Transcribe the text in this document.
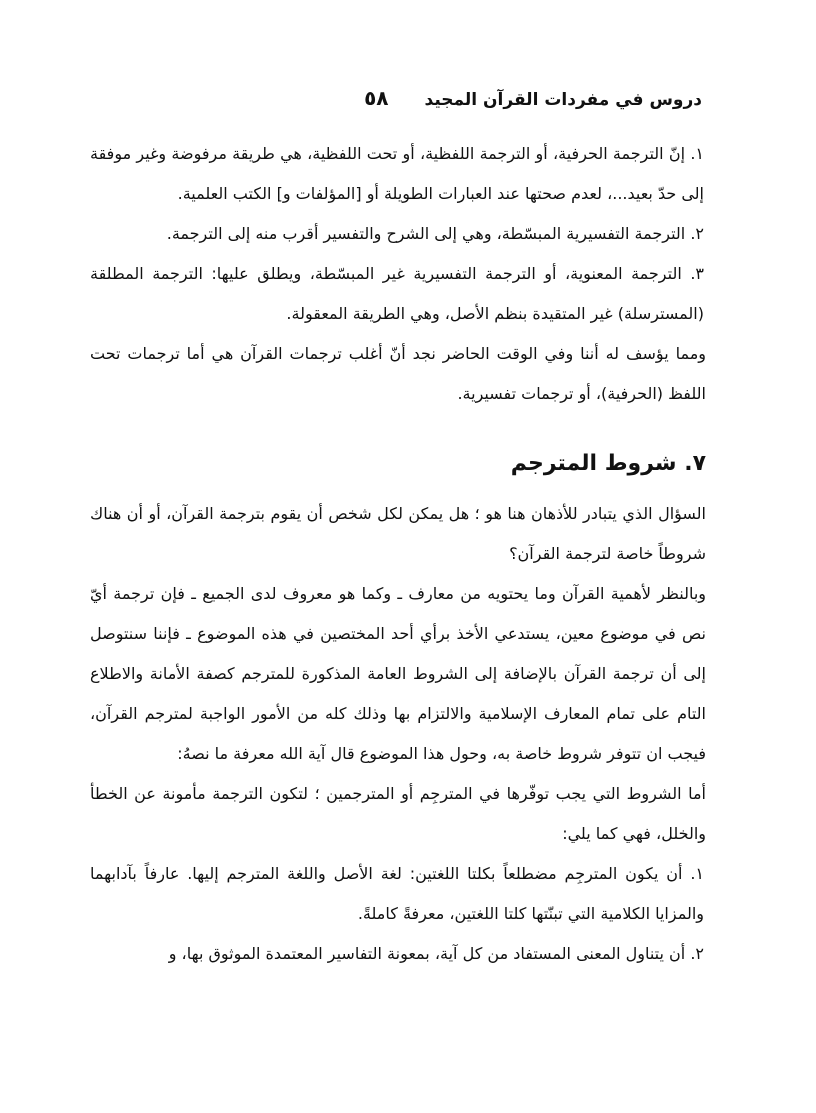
دروس في مفردات القرآن المجيد
٥٨

١. إنّ الترجمة الحرفية، أو الترجمة اللفظية، أو تحت اللفظية، هي طريقة مرفوضة وغير موفقة إلى حدّ بعيد...، لعدم صحتها عند العبارات الطويلة أو [المؤلفات و] الكتب العلمية.

٢. الترجمة التفسيرية المبسّطة، وهي إلى الشرح والتفسير أقرب منه إلى الترجمة.

٣. الترجمة المعنوية، أو الترجمة التفسيرية غير المبسّطة، ويطلق عليها: الترجمة المطلقة (المسترسلة) غير المتقيدة بنظم الأصل، وهي الطريقة المعقولة.

ومما يؤسف له أننا وفي الوقت الحاضر نجد أنّ أغلب ترجمات القرآن هي أما ترجمات تحت اللفظ (الحرفية)، أو ترجمات تفسيرية.

٧. شروط المترجم

السؤال الذي يتبادر للأذهان هنا هو ؛ هل يمكن لكل شخص أن يقوم بترجمة القرآن، أو أن هناك شروطاً خاصة لترجمة القرآن؟

وبالنظر لأهمية القرآن وما يحتويه من معارف ـ وكما هو معروف لدى الجميع ـ فإن ترجمة أيّ نص في موضوع معين، يستدعي الأخذ برأي أحد المختصين في هذه الموضوع ـ فإننا سنتوصل إلى أن ترجمة القرآن بالإضافة إلى الشروط العامة المذكورة للمترجم كصفة الأمانة والاطلاع التام على تمام المعارف الإسلامية والالتزام بها وذلك كله من الأمور الواجبة لمترجم القرآن، فيجب ان تتوفر شروط خاصة به، وحول هذا الموضوع قال آية الله معرفة ما نصهُ:

أما الشروط التي يجب توفّرها في المترجِم أو المترجمين ؛ لتكون الترجمة مأمونة عن الخطأ والخلل، فهي كما يلي:

١. أن يكون المترجِم مضطلعاً بكلتا اللغتين: لغة الأصل واللغة المترجم إليها. عارفاً بآدابهما والمزايا الكلامية التي تبنّتها كلتا اللغتين، معرفةً كاملةً.

٢. أن يتناول المعنى المستفاد من كل آية، بمعونة التفاسير المعتمدة الموثوق بها، و
